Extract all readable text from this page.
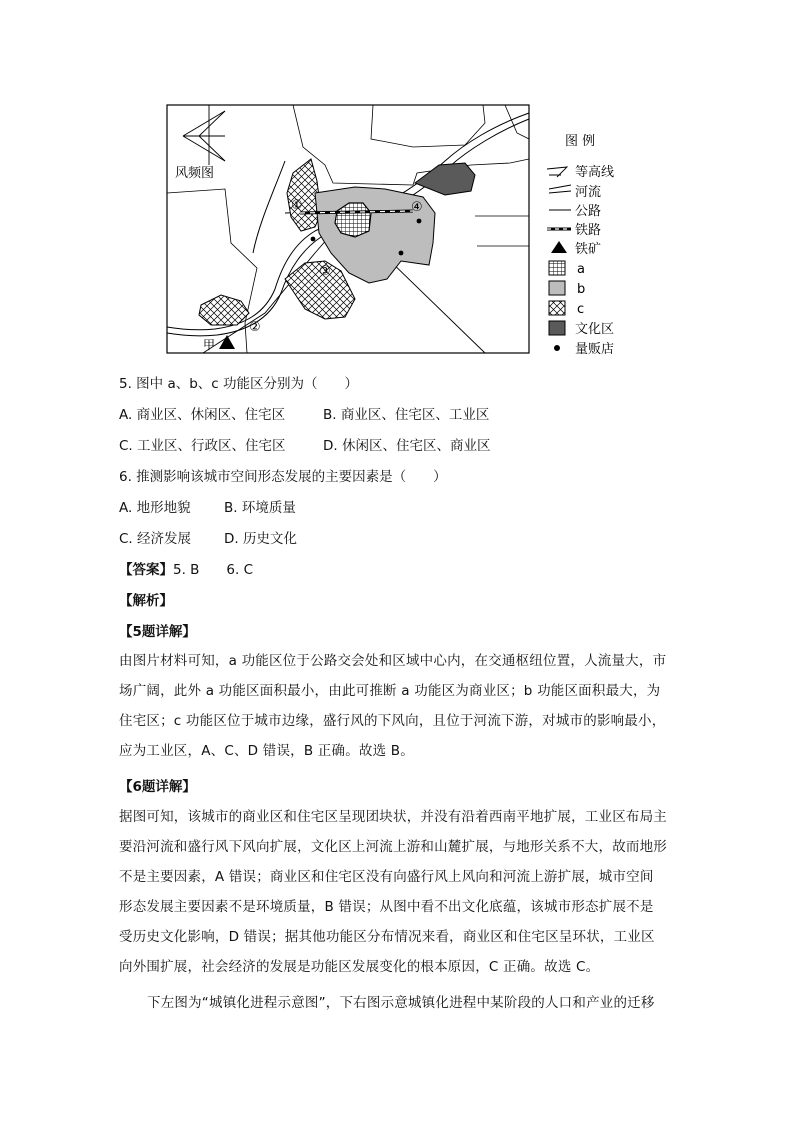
甲
①
②
③
④
风频图
图 例
等高线
河流
公路
铁路
铁矿
a
b
c
文化区
量贩店
5. 图中 a、b、c 功能区分别为（　　）
A. 商业区、休闲区、住宅区	B. 商业区、住宅区、工业区
C. 工业区、行政区、住宅区	D. 休闲区、住宅区、商业区
6. 推测影响该城市空间形态发展的主要因素是（　　）
A. 地形地貌 B. 环境质量
C. 经济发展 D. 历史文化
【答案】5. B　　6. C
【解析】
【5题详解】
由图片材料可知，a 功能区位于公路交会处和区域中心内，在交通枢纽位置，人流量大，市场广阔，此外 a 功能区面积最小，由此可推断 a 功能区为商业区；b 功能区面积最大，为住宅区；c 功能区位于城市边缘，盛行风的下风向，且位于河流下游，对城市的影响最小，应为工业区，A、C、D 错误，B 正确。故选 B。
【6题详解】
据图可知，该城市的商业区和住宅区呈现团块状，并没有沿着西南平地扩展，工业区布局主要沿河流和盛行风下风向扩展，文化区上河流上游和山麓扩展，与地形关系不大，故而地形不是主要因素，A 错误；商业区和住宅区没有向盛行风上风向和河流上游扩展，城市空间形态发展主要因素不是环境质量，B 错误；从图中看不出文化底蕴，该城市形态扩展不是受历史文化影响，D 错误；据其他功能区分布情况来看，商业区和住宅区呈环状，工业区向外围扩展，社会经济的发展是功能区发展变化的根本原因，C 正确。故选 C。
下左图为“城镇化进程示意图”，下右图示意城镇化进程中某阶段的人口和产业的迁移
